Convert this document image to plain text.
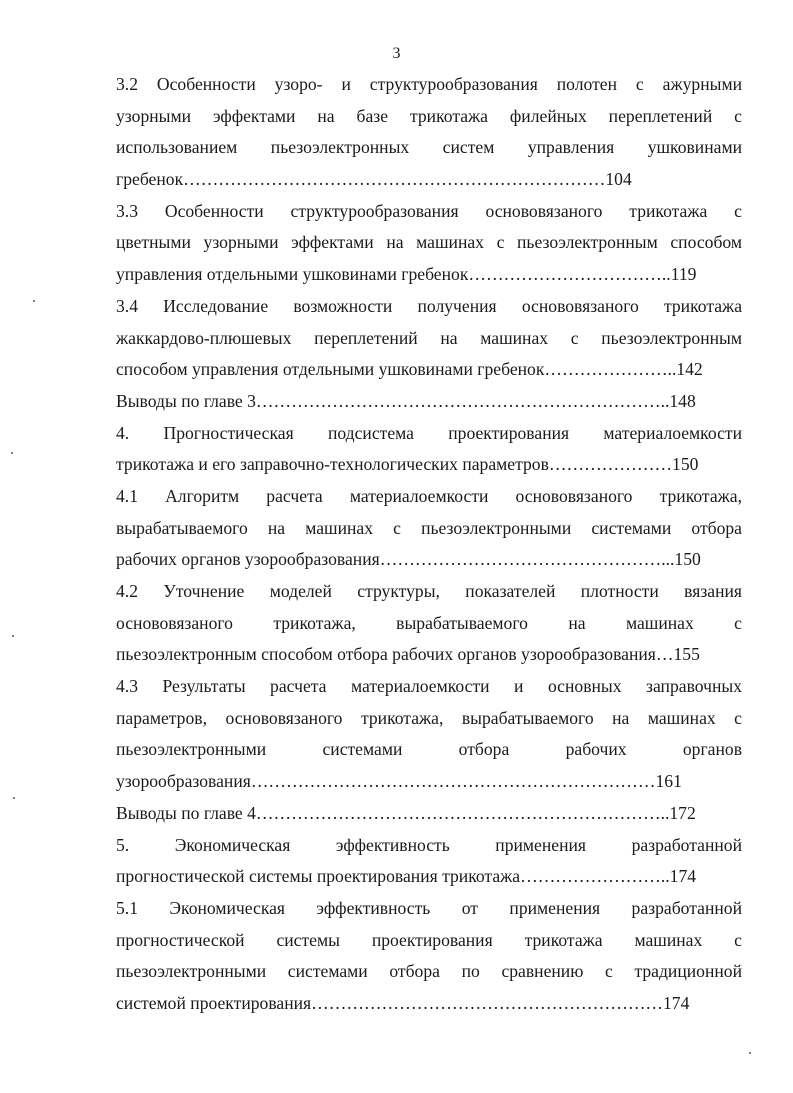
3
3.2 Особенности узоро- и структурообразования полотен с ажурными
узорными эффектами на базе трикотажа филейных переплетений с
использованием пьезоэлектронных систем управления ушковинами
гребенок………………………………………………………………104
3.3 Особенности структурообразования основовязаного трикотажа с
цветными узорными эффектами на машинах с пьезоэлектронным способом
управления отдельными ушковинами гребенок……………………………..119
3.4 Исследование возможности получения основовязаного трикотажа
жаккардово-плюшевых переплетений на машинах с пьезоэлектронным
способом управления отдельными ушковинами гребенок…………………..142
Выводы по главе 3……………………………………………………………..148
4. Прогностическая подсистема проектирования материалоемкости
трикотажа и его заправочно-технологических параметров…………………150
4.1 Алгоритм расчета материалоемкости основовязаного трикотажа,
вырабатываемого на машинах с пьезоэлектронными системами отбора
рабочих органов узорообразования…………………………………………...150
4.2 Уточнение моделей структуры, показателей плотности вязания
основовязаного трикотажа, вырабатываемого на машинах с
пьезоэлектронным способом отбора рабочих органов узорообразования…155
4.3 Результаты расчета материалоемкости и основных заправочных
параметров, основовязаного трикотажа, вырабатываемого на машинах с
пьезоэлектронными системами отбора рабочих органов
узорообразования……………………………………………………………161
Выводы по главе 4……………………………………………………………..172
5. Экономическая эффективность применения разработанной
прогностической системы проектирования трикотажа……………………..174
5.1 Экономическая эффективность от применения разработанной
прогностической системы проектирования трикотажа машинах с
пьезоэлектронными системами отбора по сравнению с традиционной
системой проектирования……………………………………………………174
